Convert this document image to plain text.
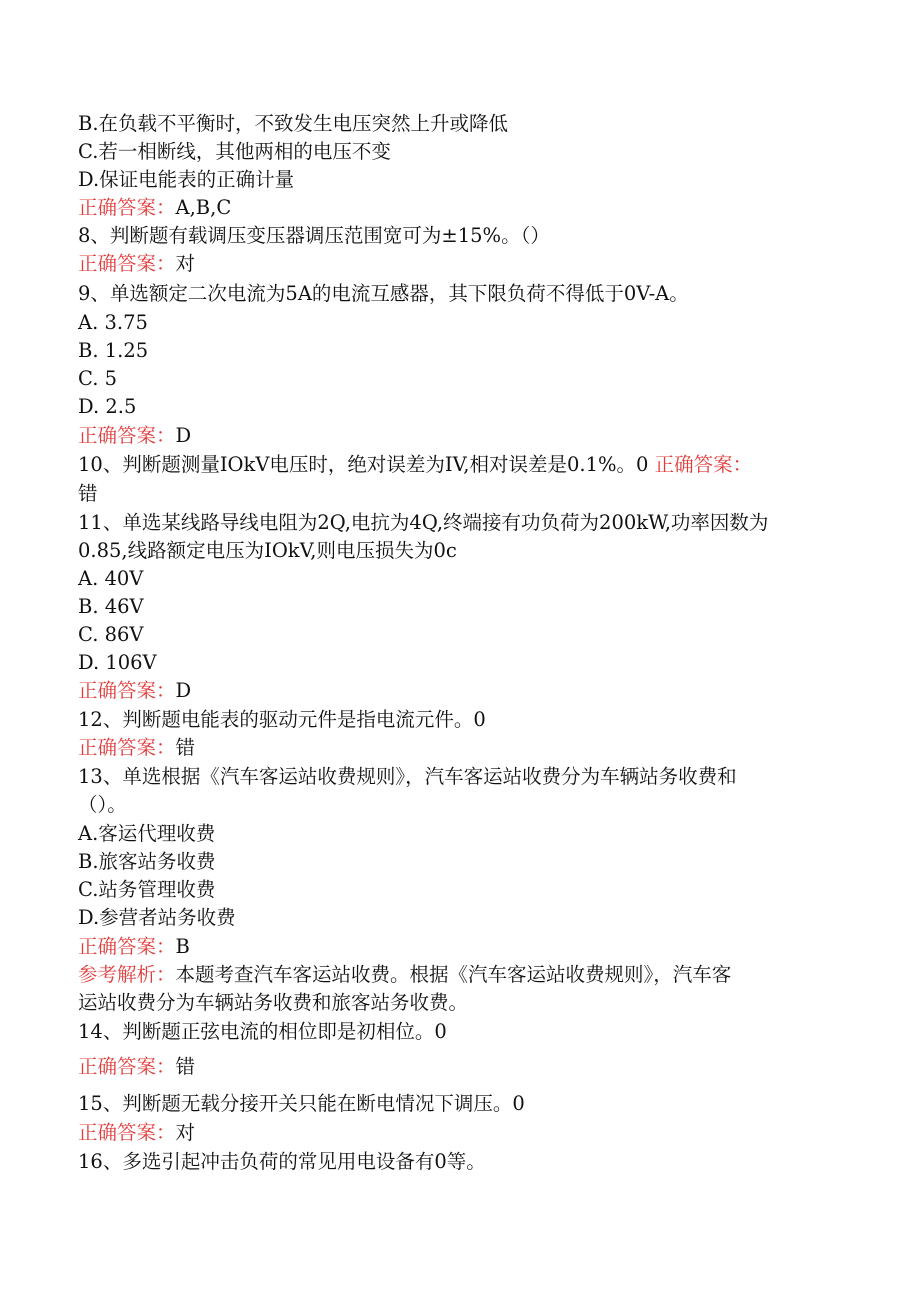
B.在负载不平衡时，不致发生电压突然上升或降低

C.若一相断线，其他两相的电压不变

D.保证电能表的正确计量

正确答案：A,B,C

8、判断题有载调压变压器调压范围宽可为±15%。（）

正确答案：对

9、单选额定二次电流为5A的电流互感器，其下限负荷不得低于0V-A。

A. 3.75

B. 1.25

C. 5

D. 2.5

正确答案：D

10、判断题测量IOkV电压时，绝对误差为IV,相对误差是0.1%。0 正确答案：

错

11、单选某线路导线电阻为2Q,电抗为4Q,终端接有功负荷为200kW,功率因数为

0.85,线路额定电压为IOkV,则电压损失为0c

A. 40V

B. 46V

C. 86V

D. 106V

正确答案：D

12、判断题电能表的驱动元件是指电流元件。0

正确答案：错

13、单选根据《汽车客运站收费规则》，汽车客运站收费分为车辆站务收费和

（）。

A.客运代理收费

B.旅客站务收费

C.站务管理收费

D.参营者站务收费

正确答案：B

参考解析：本题考查汽车客运站收费。根据《汽车客运站收费规则》，汽车客

运站收费分为车辆站务收费和旅客站务收费。

14、判断题正弦电流的相位即是初相位。0

正确答案：错

15、判断题无载分接开关只能在断电情况下调压。0

正确答案：对

16、多选引起冲击负荷的常见用电设备有0等。
